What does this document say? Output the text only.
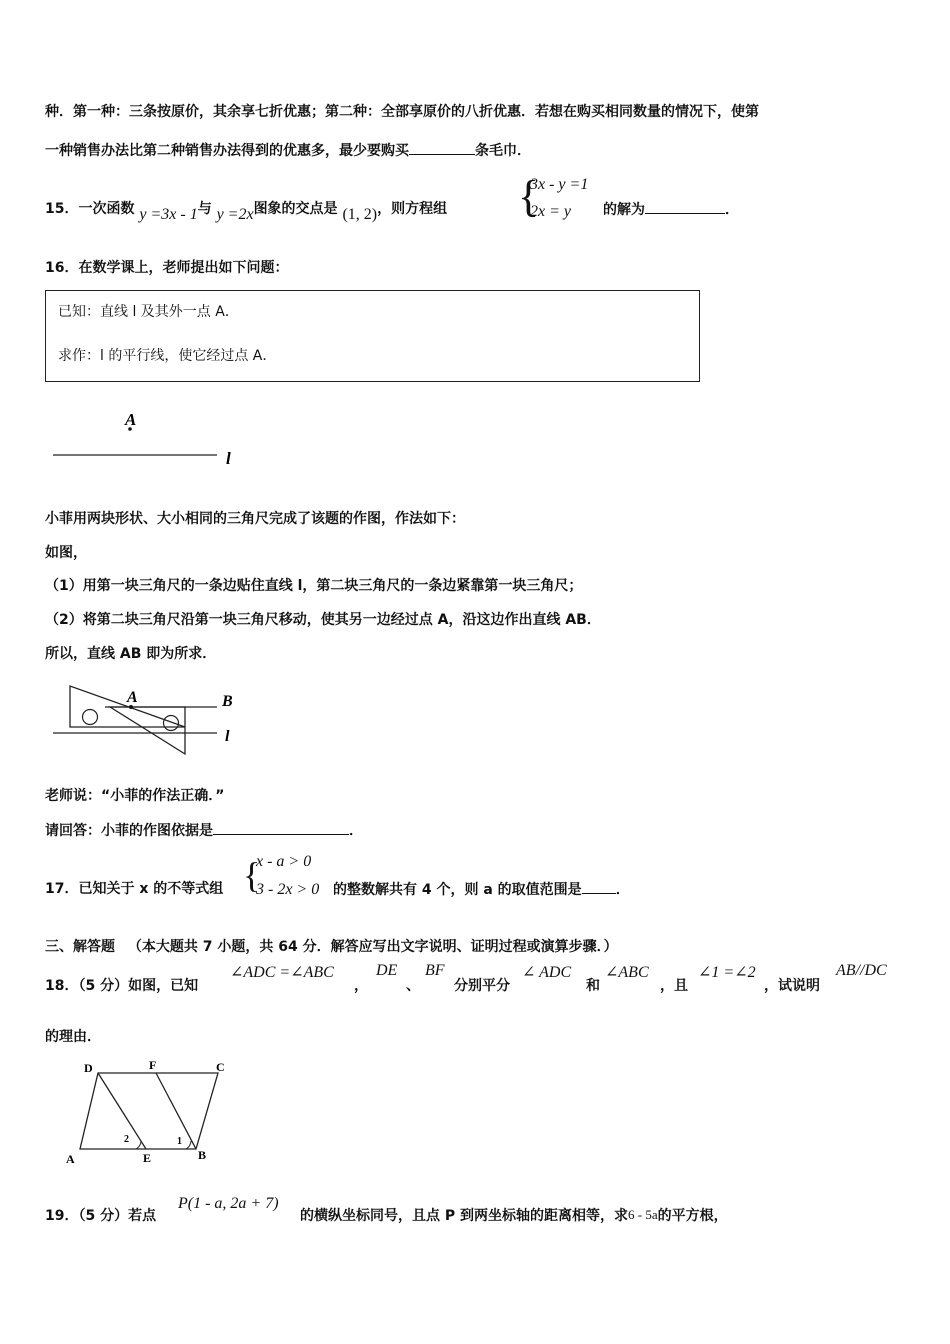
种．第一种：三条按原价，其余享七折优惠；第二种：全部享原价的八折优惠．若想在购买相同数量的情况下，使第
一种销售办法比第二种销售办法得到的优惠多，最少要购买	条毛巾．
15．一次函数 y =3x - 1与 y =2x图象的交点是 (1, 2)，则方程组 {
3x - y =1
2x = y 的解为	．
16．在数学课上，老师提出如下问题：
已知：直线 l 及其外一点 A．
求作：l 的平行线，使它经过点 A．
A
l
小菲用两块形状、大小相同的三角尺完成了该题的作图，作法如下：
如图，
（1）用第一块三角尺的一条边贴住直线 l，第二块三角尺的一条边紧靠第一块三角尺；
（2）将第二块三角尺沿第一块三角尺移动，使其另一边经过点 A，沿这边作出直线 AB．
所以，直线 AB 即为所求．
A	B
l
老师说：“小菲的作法正确．”
请回答：小菲的作图依据是	．
17．已知关于 x 的不等式组 {
x - a > 0
3 - 2x > 0 的整数解共有 4 个，则 a 的取值范围是 ．
三、解答题 （本大题共 7 小题，共 64 分．解答应写出文字说明、证明过程或演算步骤．）
18．（5 分）如图，已知
∠ADC =∠ABC
，
DE
、
BF
分别平分
∠ ADC
和
∠ABC
，且
∠1 =∠2
，试说明
AB//DC
的理由．
D	F	C
A	E	B
1
2
19．（5 分）若点
P(1 - a, 2a + 7)
的横纵坐标同号，且点 P 到两坐标轴的距离相等，求6 - 5a的平方根，
